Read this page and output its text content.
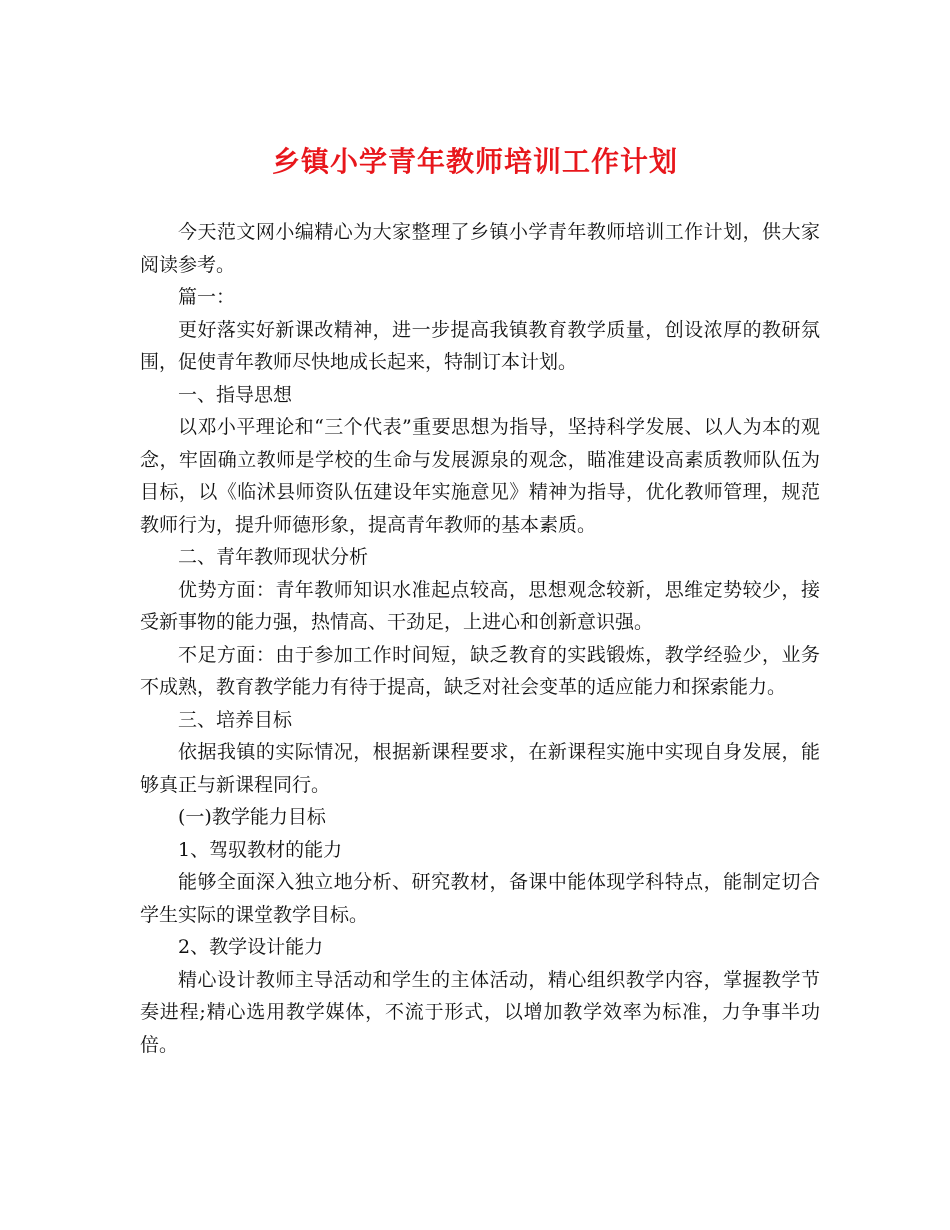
乡镇小学青年教师培训工作计划

今天范文网小编精心为大家整理了乡镇小学青年教师培训工作计划，供大家阅读参考。

篇一：

更好落实好新课改精神，进一步提高我镇教育教学质量，创设浓厚的教研氛围，促使青年教师尽快地成长起来，特制订本计划。

一、指导思想

以邓小平理论和“三个代表”重要思想为指导，坚持科学发展、以人为本的观念，牢固确立教师是学校的生命与发展源泉的观念，瞄准建设高素质教师队伍为目标，以《临沭县师资队伍建设年实施意见》精神为指导，优化教师管理，规范教师行为，提升师德形象，提高青年教师的基本素质。

二、青年教师现状分析

优势方面：青年教师知识水准起点较高，思想观念较新，思维定势较少，接受新事物的能力强，热情高、干劲足，上进心和创新意识强。

不足方面：由于参加工作时间短，缺乏教育的实践锻炼，教学经验少，业务不成熟，教育教学能力有待于提高，缺乏对社会变革的适应能力和探索能力。

三、培养目标

依据我镇的实际情况，根据新课程要求，在新课程实施中实现自身发展，能够真正与新课程同行。

(一)教学能力目标

1、驾驭教材的能力

能够全面深入独立地分析、研究教材，备课中能体现学科特点，能制定切合学生实际的课堂教学目标。

2、教学设计能力

精心设计教师主导活动和学生的主体活动，精心组织教学内容，掌握教学节奏进程;精心选用教学媒体，不流于形式，以增加教学效率为标准，力争事半功倍。
